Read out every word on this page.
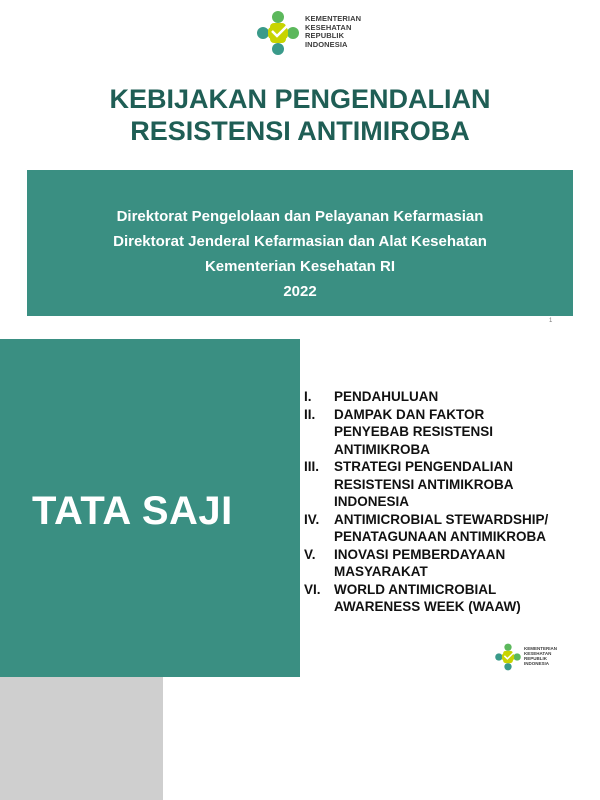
KEMENTERIAN
KESEHATAN
REPUBLIK
INDONESIA
KEBIJAKAN PENGENDALIAN
RESISTENSI ANTIMIROBA
Direktorat Pengelolaan dan Pelayanan Kefarmasian
Direktorat Jenderal Kefarmasian dan Alat Kesehatan
Kementerian Kesehatan RI
2022
1
TATA SAJI
I.	PENDAHULUAN
II.	DAMPAK DAN FAKTOR
PENYEBAB RESISTENSI
ANTIMIKROBA
III.	STRATEGI PENGENDALIAN
RESISTENSI ANTIMIKROBA
INDONESIA
IV.	ANTIMICROBIAL STEWARDSHIP/
PENATAGUNAAN ANTIMIKROBA
V.	INOVASI PEMBERDAYAAN
MASYARAKAT
VI. WORLD ANTIMICROBIAL
AWARENESS WEEK (WAAW)
KEMENTERIAN
KESEHATAN
REPUBLIK
INDONESIA
